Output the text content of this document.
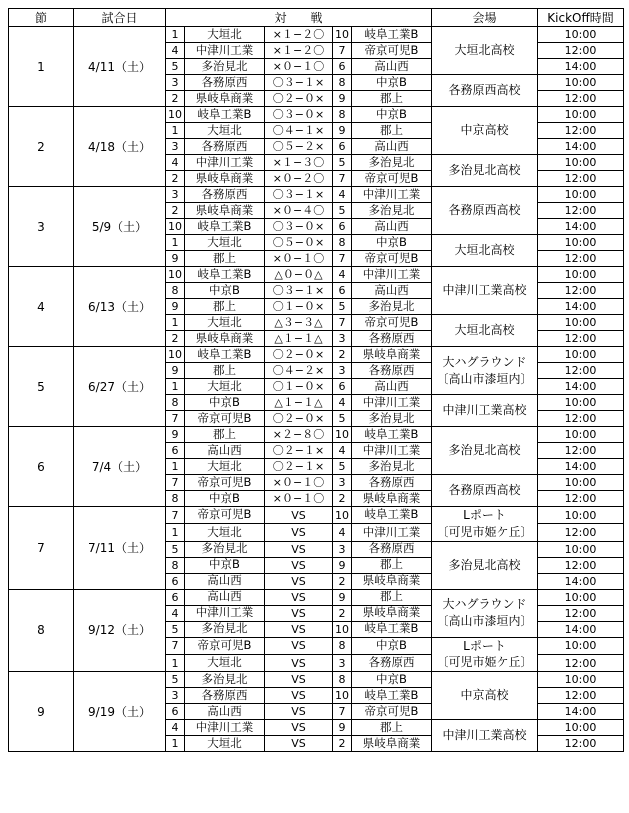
節	試合日	対　　戦					会場	KickOff時間
1	4/11（土）	1	大垣北	×１−２〇	10	岐阜工業B	大垣北高校	10:00
		4	中津川工業	×１−２〇	7	帝京可児B		12:00
		5	多治見北	×０−１〇	6	高山西		14:00
		3	各務原西	〇３−１×	8	中京B	各務原西高校	10:00
		2	県岐阜商業	〇２−０×	9	郡上		12:00
2	4/18（土）	10	岐阜工業B	〇３−０×	8	中京B	中京高校	10:00
		1	大垣北	〇４−１×	9	郡上		12:00
		3	各務原西	〇５−２×	6	高山西		14:00
		4	中津川工業	×１−３〇	5	多治見北	多治見北高校	10:00
		2	県岐阜商業	×０−２〇	7	帝京可児B		12:00
3	5/9（土）	3	各務原西	〇３−１×	4	中津川工業	各務原西高校	10:00
		2	県岐阜商業	×０−４〇	5	多治見北		12:00
		10	岐阜工業B	〇３−０×	6	高山西		14:00
		1	大垣北	〇５−０×	8	中京B	大垣北高校	10:00
		9	郡上	×０−１〇	7	帝京可児B		12:00
4	6/13（土）	10	岐阜工業B	△０−０△	4	中津川工業	中津川工業高校	10:00
		8	中京B	〇３−１×	6	高山西		12:00
		9	郡上	〇１−０×	5	多治見北		14:00
		1	大垣北	△３−３△	7	帝京可児B	大垣北高校	10:00
		2	県岐阜商業	△１−１△	3	各務原西		12:00
5	6/27（土）	10	岐阜工業B	〇２−０×	2	県岐阜商業	大ハグラウンド
〔高山市漆垣内〕	10:00
		9	郡上	〇４−２×	3	各務原西		12:00
		1	大垣北	〇１−０×	6	高山西		14:00
		8	中京B	△１−１△	4	中津川工業	中津川工業高校	10:00
		7	帝京可児B	〇２−０×	5	多治見北		12:00
6	7/4（土）	9	郡上	×２−８〇	10	岐阜工業B	多治見北高校	10:00
		6	高山西	〇２−１×	4	中津川工業		12:00
		1	大垣北	〇２−１×	5	多治見北		14:00
		7	帝京可児B	×０−１〇	3	各務原西	各務原西高校	10:00
		8	中京B	×０−１〇	2	県岐阜商業		12:00
7	7/11（土）	7	帝京可児B	VS	10	岐阜工業B	Lポート
〔可児市姫ケ丘〕	10:00
		1	大垣北	VS	4	中津川工業		12:00
		5	多治見北	VS	3	各務原西	多治見北高校	10:00
		8	中京B	VS	9	郡上		12:00
		6	高山西	VS	2	県岐阜商業		14:00
8	9/12（土）	6	高山西	VS	9	郡上	大ハグラウンド
〔高山市漆垣内〕	10:00
		4	中津川工業	VS	2	県岐阜商業		12:00
		5	多治見北	VS	10	岐阜工業B		14:00
		7	帝京可児B	VS	8	中京B	Lポート
〔可児市姫ケ丘〕	10:00
		1	大垣北	VS	3	各務原西		12:00
9	9/19（土）	5	多治見北	VS	8	中京B	中京高校	10:00
		3	各務原西	VS	10	岐阜工業B		12:00
		6	高山西	VS	7	帝京可児B		14:00
		4	中津川工業	VS	9	郡上	中津川工業高校	10:00
		1	大垣北	VS	2	県岐阜商業		12:00
